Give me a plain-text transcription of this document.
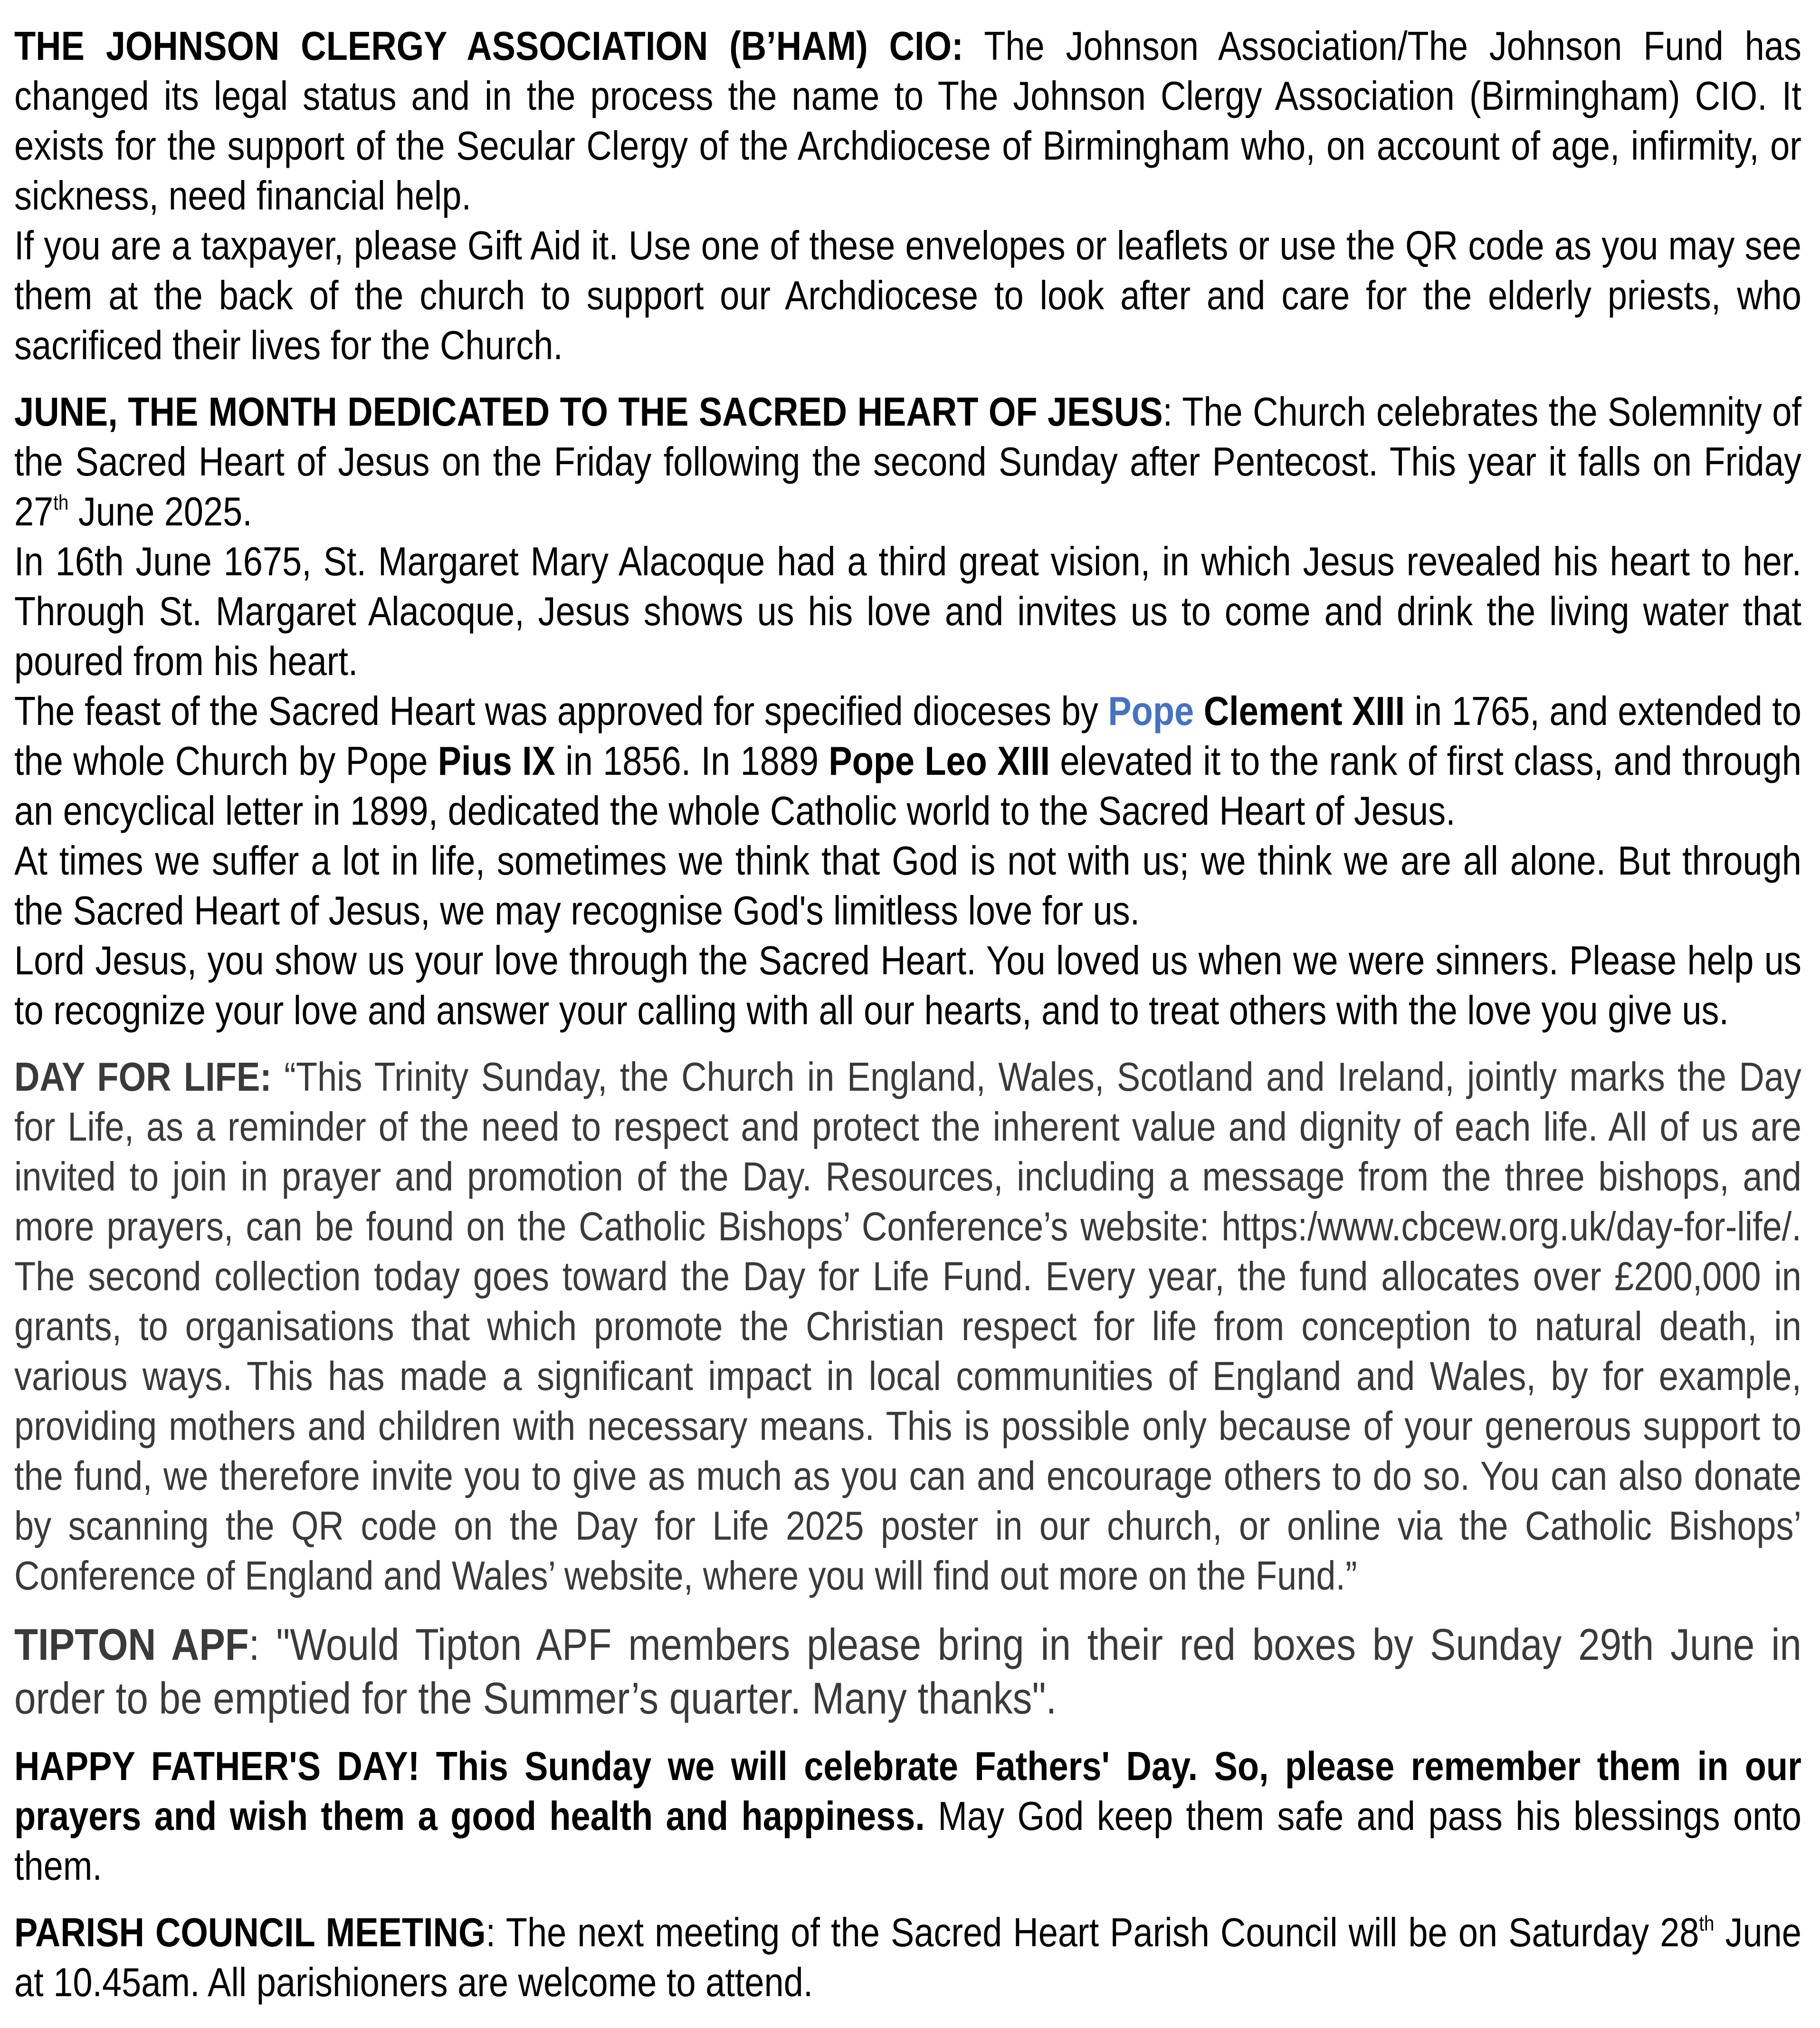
THE JOHNSON CLERGY ASSOCIATION (B’HAM) CIO: The Johnson Association/The Johnson Fund has changed its legal status and in the process the name to The Johnson Clergy Association (Birmingham) CIO. It exists for the support of the Secular Clergy of the Archdiocese of Birmingham who, on account of age, infirmity, or sickness, need financial help.

If you are a taxpayer, please Gift Aid it. Use one of these envelopes or leaflets or use the QR code as you may see them at the back of the church to support our Archdiocese to look after and care for the elderly priests, who sacrificed their lives for the Church.

JUNE, THE MONTH DEDICATED TO THE SACRED HEART OF JESUS: The Church celebrates the Solemnity of the Sacred Heart of Jesus on the Friday following the second Sunday after Pentecost. This year it falls on Friday 27th June 2025.

In 16th June 1675, St. Margaret Mary Alacoque had a third great vision, in which Jesus revealed his heart to her. Through St. Margaret Alacoque, Jesus shows us his love and invites us to come and drink the living water that poured from his heart.

The feast of the Sacred Heart was approved for specified dioceses by Pope Clement XIII in 1765, and extended to the whole Church by Pope Pius IX in 1856. In 1889 Pope Leo XIII elevated it to the rank of first class, and through an encyclical letter in 1899, dedicated the whole Catholic world to the Sacred Heart of Jesus.

At times we suffer a lot in life, sometimes we think that God is not with us; we think we are all alone. But through the Sacred Heart of Jesus, we may recognise God's limitless love for us.

Lord Jesus, you show us your love through the Sacred Heart. You loved us when we were sinners. Please help us to recognize your love and answer your calling with all our hearts, and to treat others with the love you give us.

DAY FOR LIFE: “This Trinity Sunday, the Church in England, Wales, Scotland and Ireland, jointly marks the Day for Life, as a reminder of the need to respect and protect the inherent value and dignity of each life. All of us are invited to join in prayer and promotion of the Day. Resources, including a message from the three bishops, and more prayers, can be found on the Catholic Bishops’ Conference’s website: https:/www.cbcew.org.uk/day-for-life/. The second collection today goes toward the Day for Life Fund. Every year, the fund allocates over £200,000 in grants, to organisations that which promote the Christian respect for life from conception to natural death, in various ways. This has made a significant impact in local communities of England and Wales, by for example, providing mothers and children with necessary means. This is possible only because of your generous support to the fund, we therefore invite you to give as much as you can and encourage others to do so. You can also donate by scanning the QR code on the Day for Life 2025 poster in our church, or online via the Catholic Bishops’ Conference of England and Wales’ website, where you will find out more on the Fund.”

TIPTON APF: "Would Tipton APF members please bring in their red boxes by Sunday 29th June in order to be emptied for the Summer’s quarter. Many thanks".

HAPPY FATHER'S DAY! This Sunday we will celebrate Fathers' Day. So, please remember them in our prayers and wish them a good health and happiness. May God keep them safe and pass his blessings onto them.

PARISH COUNCIL MEETING: The next meeting of the Sacred Heart Parish Council will be on Saturday 28th June at 10.45am. All parishioners are welcome to attend.
